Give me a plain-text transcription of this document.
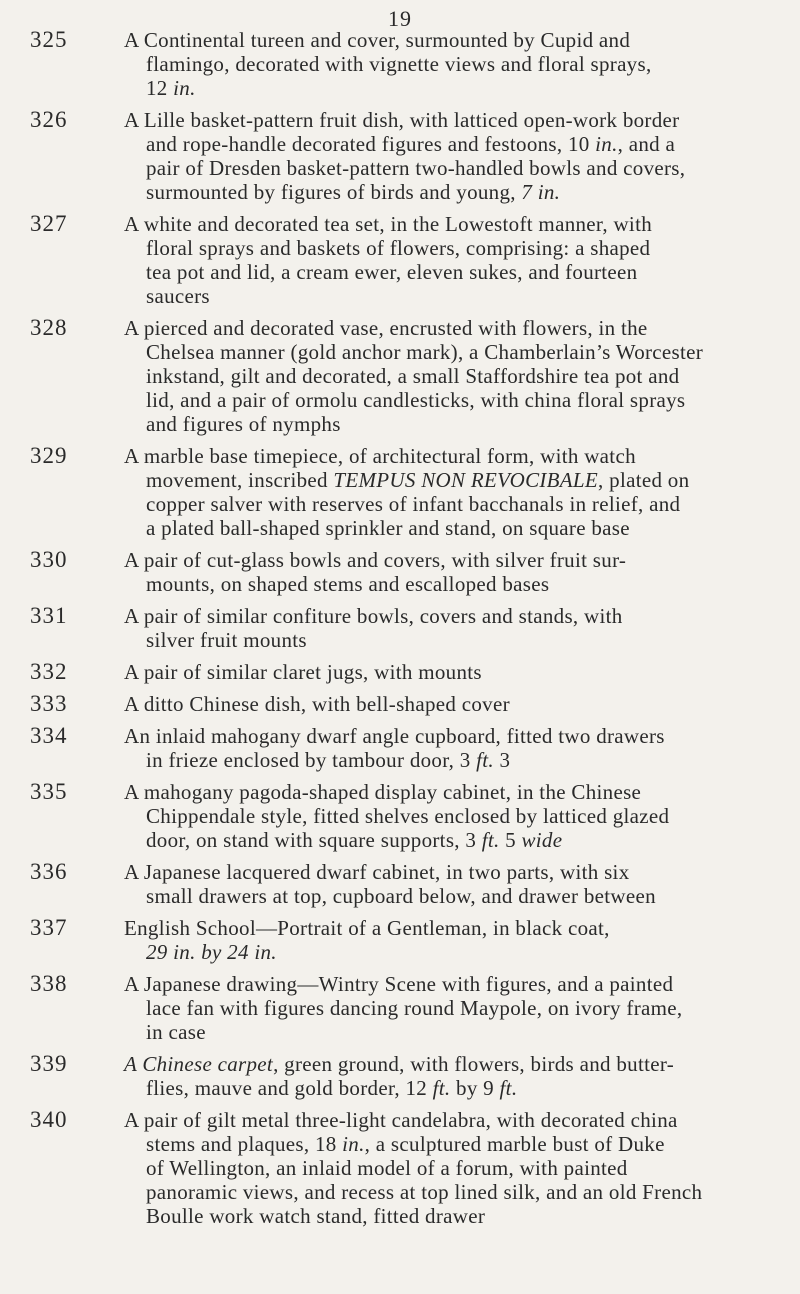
19
325	A Continental tureen and cover, surmounted by Cupid and
flamingo, decorated with vignette views and floral sprays,
12 in.
326	A Lille basket-pattern fruit dish, with latticed open-work border
and rope-handle decorated figures and festoons, 10 in., and a
pair of Dresden basket-pattern two-handled bowls and covers,
surmounted by figures of birds and young, 7 in.
327	A white and decorated tea set, in the Lowestoft manner, with
floral sprays and baskets of flowers, comprising: a shaped
tea pot and lid, a cream ewer, eleven sukes, and fourteen
saucers
328	A pierced and decorated vase, encrusted with flowers, in the
Chelsea manner (gold anchor mark), a Chamberlain’s Worcester
inkstand, gilt and decorated, a small Staffordshire tea pot and
lid, and a pair of ormolu candlesticks, with china floral sprays
and figures of nymphs
329	A marble base timepiece, of architectural form, with watch
movement, inscribed TEMPUS NON REVOCIBALE, plated on
copper salver with reserves of infant bacchanals in relief, and
a plated ball-shaped sprinkler and stand, on square base
330	A pair of cut-glass bowls and covers, with silver fruit sur-
mounts, on shaped stems and escalloped bases
331	A pair of similar confiture bowls, covers and stands, with
silver fruit mounts
332	A pair of similar claret jugs, with mounts
333	A ditto Chinese dish, with bell-shaped cover
334	An inlaid mahogany dwarf angle cupboard, fitted two drawers
in frieze enclosed by tambour door, 3 ft. 3
335	A mahogany pagoda-shaped display cabinet, in the Chinese
Chippendale style, fitted shelves enclosed by latticed glazed
door, on stand with square supports, 3 ft. 5 wide
336	A Japanese lacquered dwarf cabinet, in two parts, with six
small drawers at top, cupboard below, and drawer between
337	English School—Portrait of a Gentleman, in black coat,
29 in. by 24 in.
338	A Japanese drawing—Wintry Scene with figures, and a painted
lace fan with figures dancing round Maypole, on ivory frame,
in case
339	A Chinese carpet, green ground, with flowers, birds and butter-
flies, mauve and gold border, 12 ft. by 9 ft.
340	A pair of gilt metal three-light candelabra, with decorated china
stems and plaques, 18 in., a sculptured marble bust of Duke
of Wellington, an inlaid model of a forum, with painted
panoramic views, and recess at top lined silk, and an old French
Boulle work watch stand, fitted drawer
